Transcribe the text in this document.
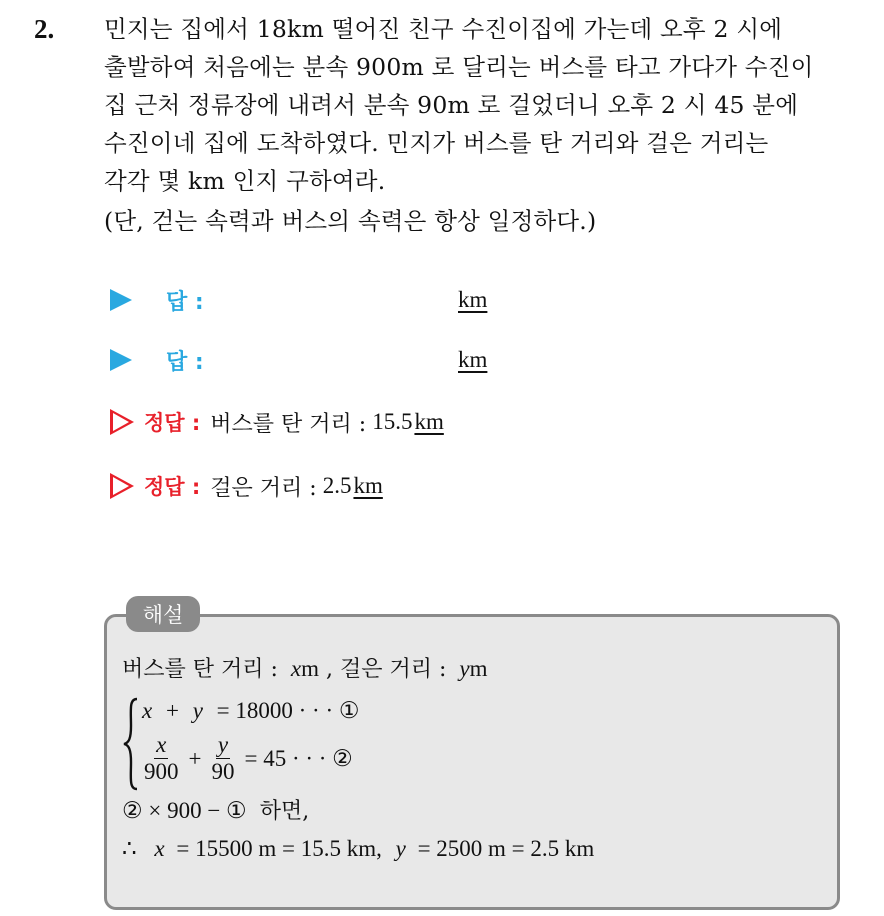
2. 민지는 집에서 18km 떨어진 친구 수진이집에 가는데 오후 2 시에
출발하여 처음에는 분속 900m 로 달리는 버스를 타고 가다가 수진이
집 근처 정류장에 내려서 분속 90m 로 걸었더니 오후 2 시 45 분에
수진이네 집에 도착하였다. 민지가 버스를 탄 거리와 걸은 거리는
각각 몇 km 인지 구하여라.
(단, 걷는 속력과 버스의 속력은 항상 일정하다.)
답 :	km
답 :	km
정답 : 버스를 탄 거리 : 15.5 km
정답 : 걸은 거리 : 2.5 km
해설
버스를 탄 거리 : xm , 걸은 거리 : ym
x + y = 18000 · · · ①
$\frac{x}{900} + \frac{y}{90} = 45$ · · · ②
② × 900 − ① 하면,
∴ x = 15500 m = 15.5 km, y = 2500 m = 2.5 km
